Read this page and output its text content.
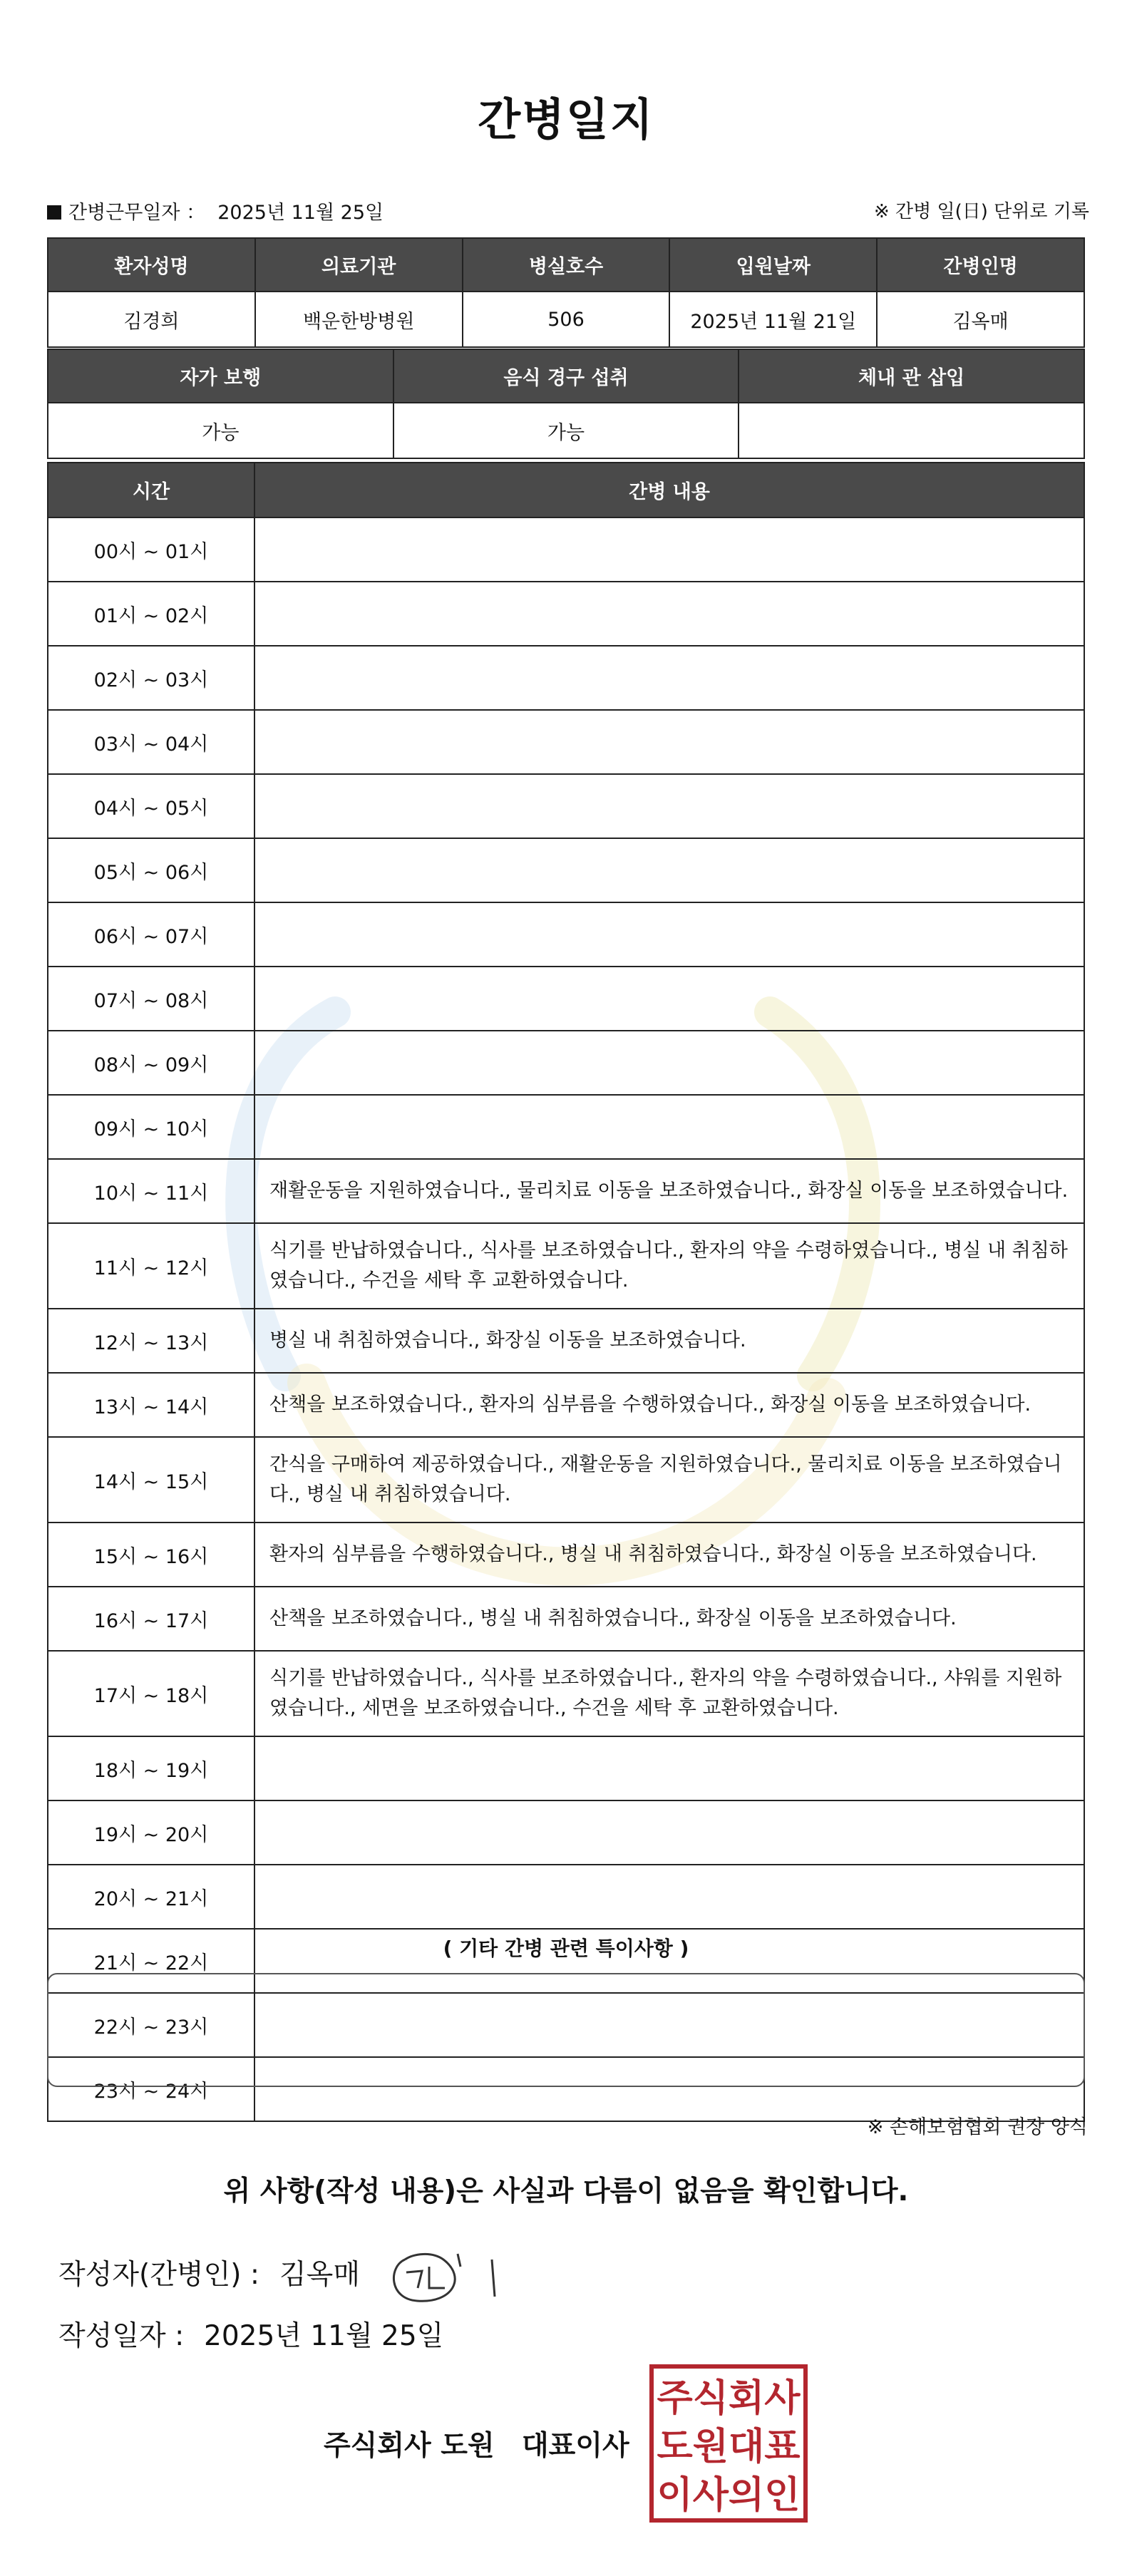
간병일지
간병근무일자 ： 2025년 11월 25일	※ 간병 일(日) 단위로 기록
환자성명	의료기관	병실호수	입원날짜	간병인명
김경희	백운한방병원	506	2025년 11월 21일	김옥매
자가 보행	음식 경구 섭취	체내 관 삽입
가능	가능	
시간	간병 내용
00시 ~ 01시	
01시 ~ 02시	
02시 ~ 03시	
03시 ~ 04시	
04시 ~ 05시	
05시 ~ 06시	
06시 ~ 07시	
07시 ~ 08시	
08시 ~ 09시	
09시 ~ 10시	
10시 ~ 11시	재활운동을 지원하였습니다., 물리치료 이동을 보조하였습니다., 화장실 이동을 보조하였습니다.
11시 ~ 12시	식기를 반납하였습니다., 식사를 보조하였습니다., 환자의 약을 수령하였습니다., 병실 내 취침하였습니다., 수건을 세탁 후 교환하였습니다.
12시 ~ 13시	병실 내 취침하였습니다., 화장실 이동을 보조하였습니다.
13시 ~ 14시	산책을 보조하였습니다., 환자의 심부름을 수행하였습니다., 화장실 이동을 보조하였습니다.
14시 ~ 15시	간식을 구매하여 제공하였습니다., 재활운동을 지원하였습니다., 물리치료 이동을 보조하였습니다., 병실 내 취침하였습니다.
15시 ~ 16시	환자의 심부름을 수행하였습니다., 병실 내 취침하였습니다., 화장실 이동을 보조하였습니다.
16시 ~ 17시	산책을 보조하였습니다., 병실 내 취침하였습니다., 화장실 이동을 보조하였습니다.
17시 ~ 18시	식기를 반납하였습니다., 식사를 보조하였습니다., 환자의 약을 수령하였습니다., 샤워를 지원하였습니다., 세면을 보조하였습니다., 수건을 세탁 후 교환하였습니다.
18시 ~ 19시	
19시 ~ 20시	
20시 ~ 21시	
21시 ~ 22시	
22시 ~ 23시	
23시 ~ 24시	
( 기타 간병 관련 특이사항 )
※ 손해보험협회 권장 양식
위 사항(작성 내용)은 사실과 다름이 없음을 확인합니다.
작성자(간병인) : 김옥매
작성일자 : 2025년 11월 25일
주식회사 도원 대표이사
주식회사
도원대표
이사의인
